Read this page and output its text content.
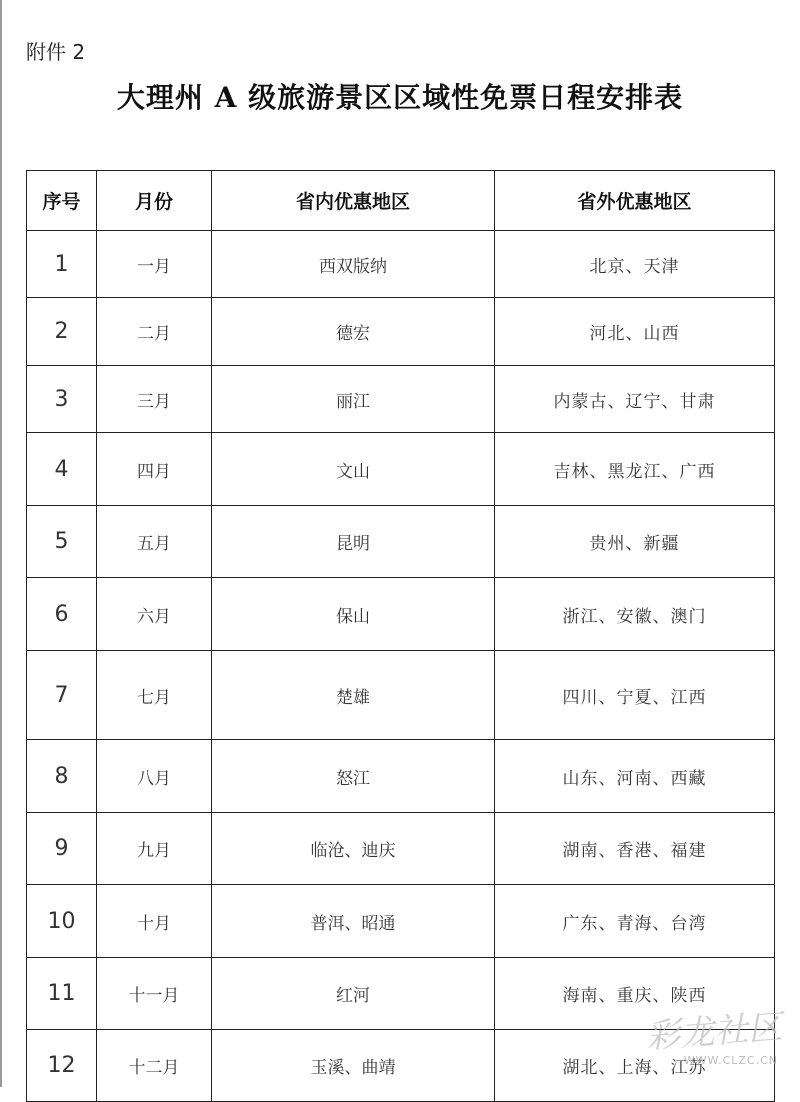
附件 2
大理州 A 级旅游景区区域性免票日程安排表
序号	月份	省内优惠地区	省外优惠地区
1	一月	西双版纳	北京、天津
2	二月	德宏	河北、山西
3	三月	丽江	内蒙古、辽宁、甘肃
4	四月	文山	吉林、黑龙江、广西
5	五月	昆明	贵州、新疆
6	六月	保山	浙江、安徽、澳门
7	七月	楚雄	四川、宁夏、江西
8	八月	怒江	山东、河南、西藏
9	九月	临沧、迪庆	湖南、香港、福建
10	十月	普洱、昭通	广东、青海、台湾
11	十一月	红河	海南、重庆、陕西
12	十二月	玉溪、曲靖	湖北、上海、江苏
彩龙社区
WWW.CLZC.CN
